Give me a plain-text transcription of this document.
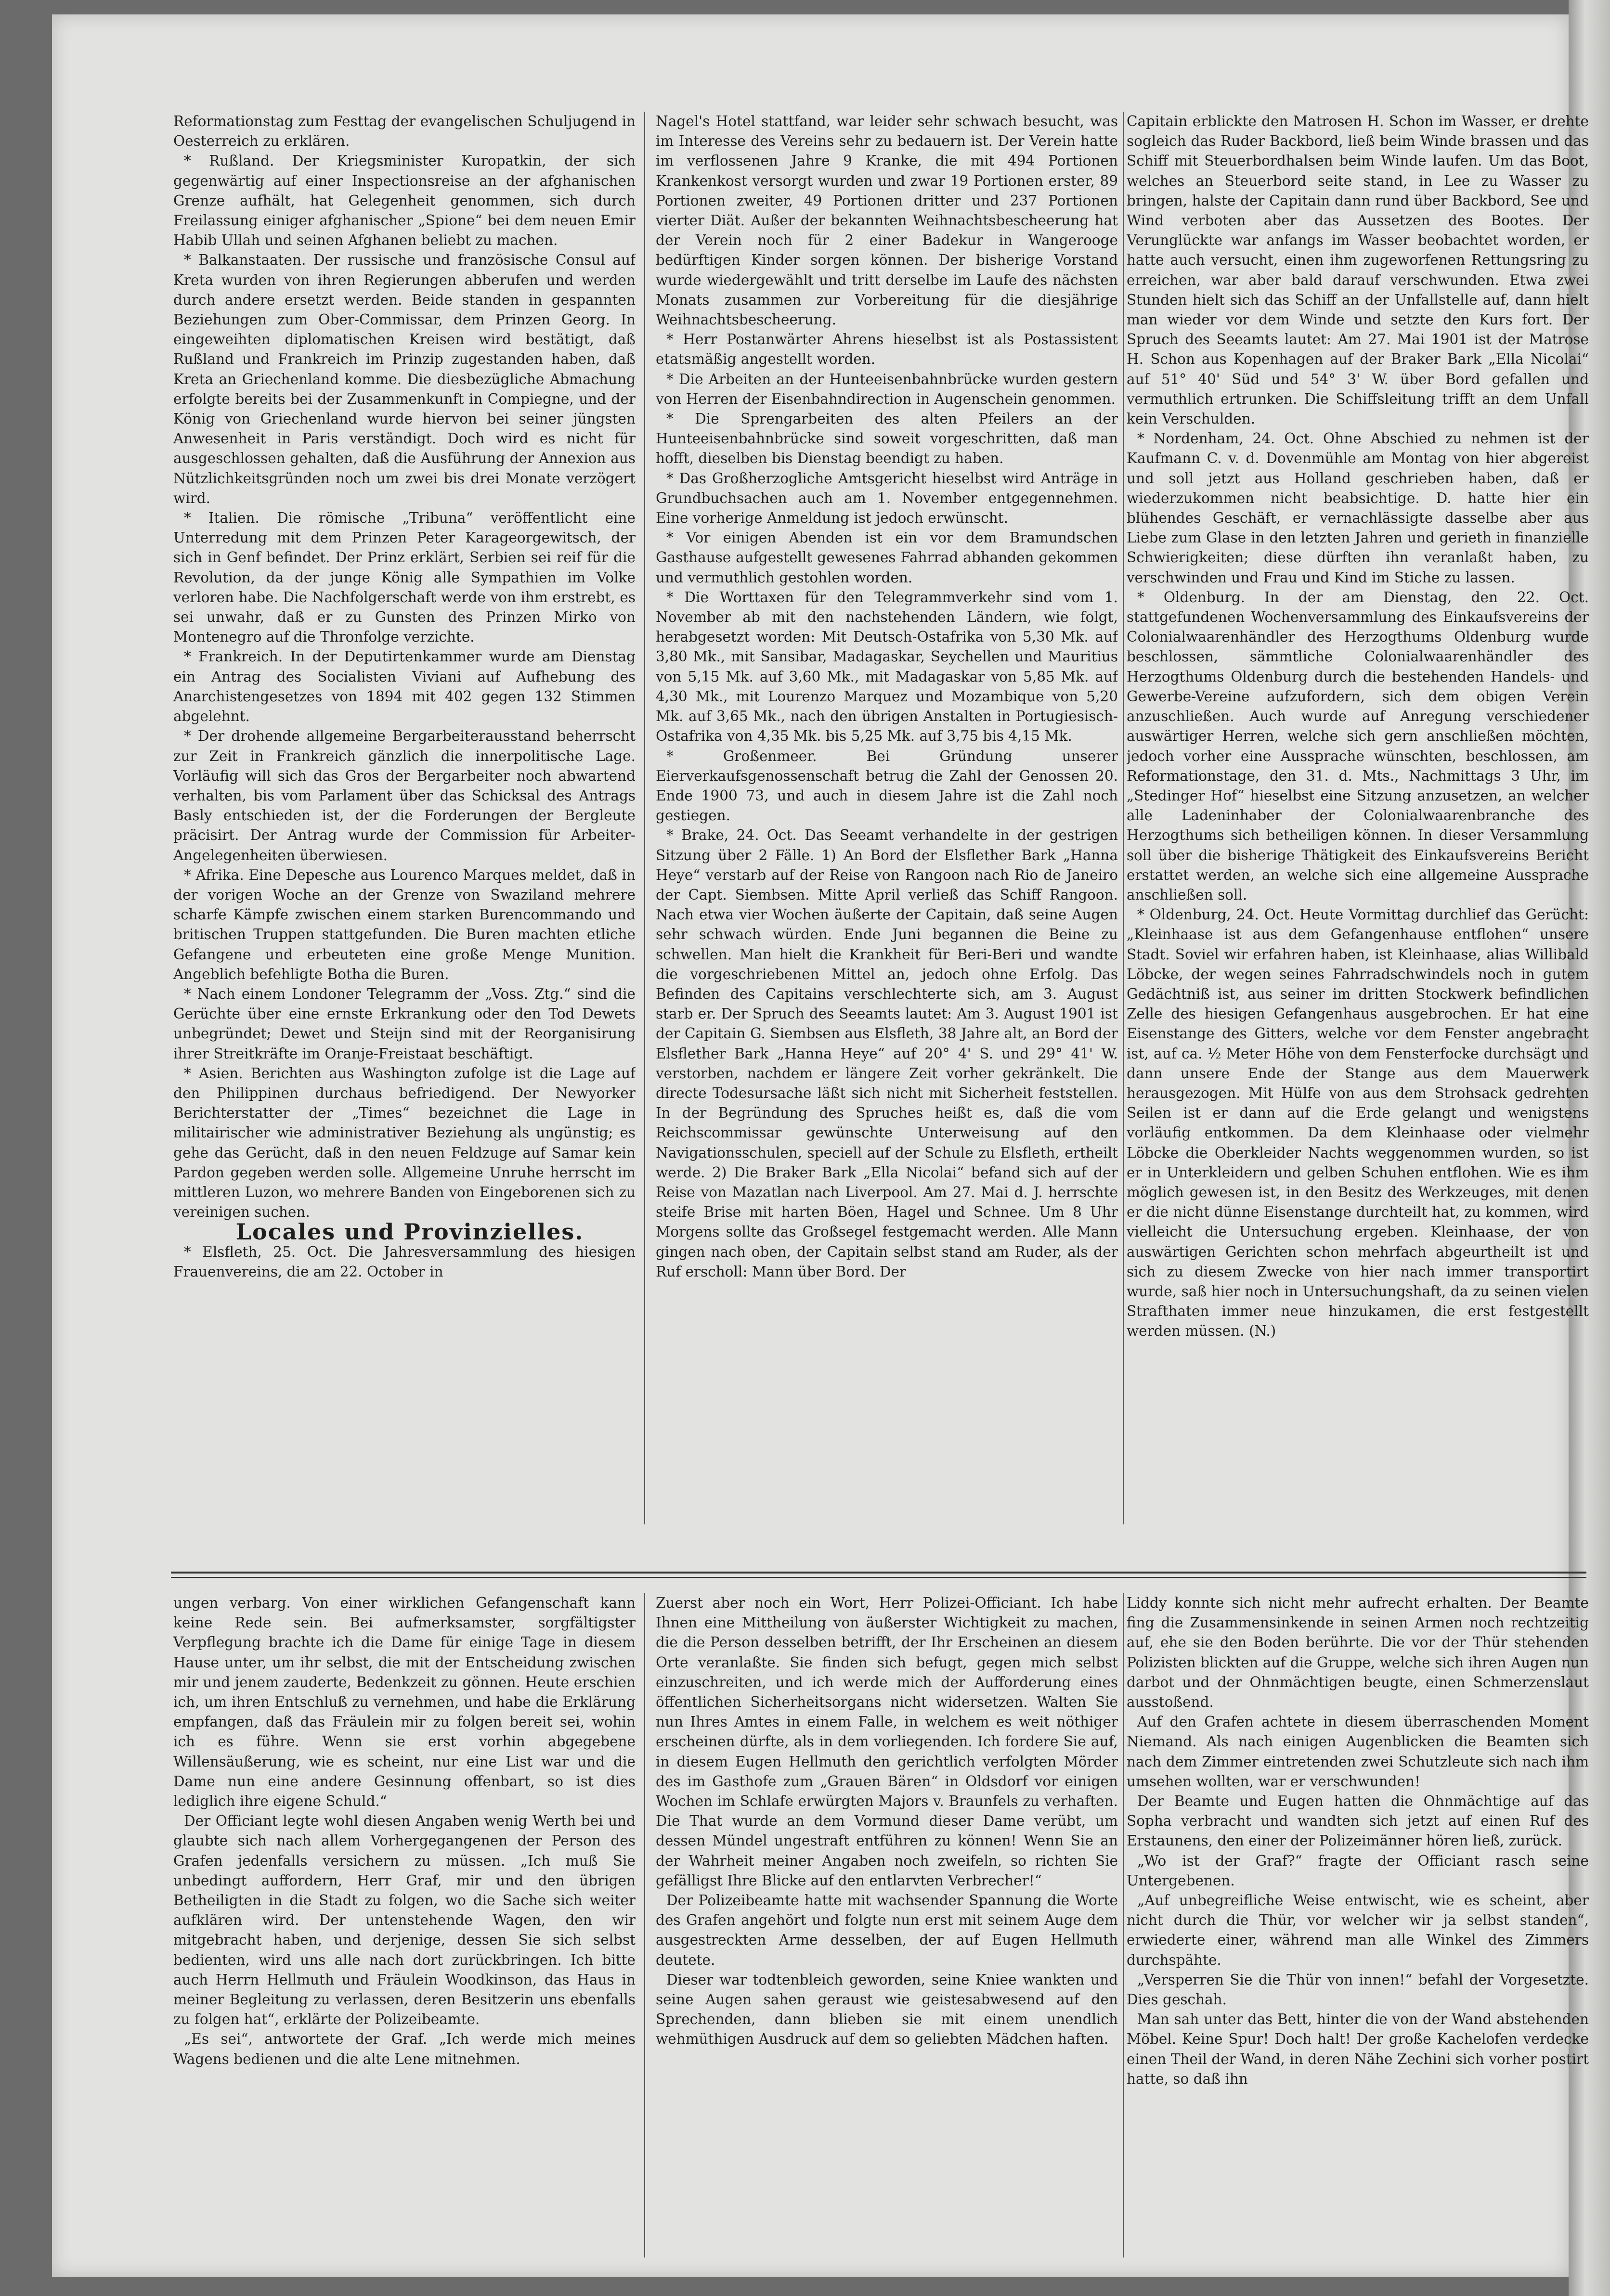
Reformationstag zum Festtag der evangelischen Schuljugend in Oesterreich zu erklären.

* Rußland. Der Kriegsminister Kuropatkin, der sich gegenwärtig auf einer Inspectionsreise an der afghanischen Grenze aufhält, hat Gelegenheit genommen, sich durch Freilassung einiger afghanischer „Spione“ bei dem neuen Emir Habib Ullah und seinen Afghanen beliebt zu machen.

* Balkanstaaten. Der russische und französische Consul auf Kreta wurden von ihren Regierungen abberufen und werden durch andere ersetzt werden. Beide standen in gespannten Beziehungen zum Ober-Commissar, dem Prinzen Georg. In eingeweihten diplomatischen Kreisen wird bestätigt, daß Rußland und Frankreich im Prinzip zugestanden haben, daß Kreta an Griechenland komme. Die diesbezügliche Abmachung erfolgte bereits bei der Zusammenkunft in Compiegne, und der König von Griechenland wurde hiervon bei seiner jüngsten Anwesenheit in Paris verständigt. Doch wird es nicht für ausgeschlossen gehalten, daß die Ausführung der Annexion aus Nützlichkeitsgründen noch um zwei bis drei Monate verzögert wird.

* Italien. Die römische „Tribuna“ veröffentlicht eine Unterredung mit dem Prinzen Peter Karageorgewitsch, der sich in Genf befindet. Der Prinz erklärt, Serbien sei reif für die Revolution, da der junge König alle Sympathien im Volke verloren habe. Die Nachfolgerschaft werde von ihm erstrebt, es sei unwahr, daß er zu Gunsten des Prinzen Mirko von Montenegro auf die Thronfolge verzichte.

* Frankreich. In der Deputirtenkammer wurde am Dienstag ein Antrag des Socialisten Viviani auf Aufhebung des Anarchistengesetzes von 1894 mit 402 gegen 132 Stimmen abgelehnt.

* Der drohende allgemeine Bergarbeiterausstand beherrscht zur Zeit in Frankreich gänzlich die innerpolitische Lage. Vorläufig will sich das Gros der Bergarbeiter noch abwartend verhalten, bis vom Parlament über das Schicksal des Antrags Basly entschieden ist, der die Forderungen der Bergleute präcisirt. Der Antrag wurde der Commission für Arbeiter-Angelegenheiten überwiesen.

* Afrika. Eine Depesche aus Lourenco Marques meldet, daß in der vorigen Woche an der Grenze von Swaziland mehrere scharfe Kämpfe zwischen einem starken Burencommando und britischen Truppen stattgefunden. Die Buren machten etliche Gefangene und erbeuteten eine große Menge Munition. Angeblich befehligte Botha die Buren.

* Nach einem Londoner Telegramm der „Voss. Ztg.“ sind die Gerüchte über eine ernste Erkrankung oder den Tod Dewets unbegründet; Dewet und Steijn sind mit der Reorganisirung ihrer Streitkräfte im Oranje-Freistaat beschäftigt.

* Asien. Berichten aus Washington zufolge ist die Lage auf den Philippinen durchaus befriedigend. Der Newyorker Berichterstatter der „Times“ bezeichnet die Lage in militairischer wie administrativer Beziehung als ungünstig; es gehe das Gerücht, daß in den neuen Feldzuge auf Samar kein Pardon gegeben werden solle. Allgemeine Unruhe herrscht im mittleren Luzon, wo mehrere Banden von Eingeborenen sich zu vereinigen suchen.

Locales und Provinzielles.

* Elsfleth, 25. Oct. Die Jahresversammlung des hiesigen Frauenvereins, die am 22. October in

Nagel's Hotel stattfand, war leider sehr schwach besucht, was im Interesse des Vereins sehr zu bedauern ist. Der Verein hatte im verflossenen Jahre 9 Kranke, die mit 494 Portionen Krankenkost versorgt wurden und zwar 19 Portionen erster, 89 Portionen zweiter, 49 Portionen dritter und 237 Portionen vierter Diät. Außer der bekannten Weihnachtsbescheerung hat der Verein noch für 2 einer Badekur in Wangerooge bedürftigen Kinder sorgen können. Der bisherige Vorstand wurde wiedergewählt und tritt derselbe im Laufe des nächsten Monats zusammen zur Vorbereitung für die diesjährige Weihnachtsbescheerung.

* Herr Postanwärter Ahrens hieselbst ist als Postassistent etatsmäßig angestellt worden.

* Die Arbeiten an der Hunteeisenbahnbrücke wurden gestern von Herren der Eisenbahndirection in Augenschein genommen.

* Die Sprengarbeiten des alten Pfeilers an der Hunteeisenbahnbrücke sind soweit vorgeschritten, daß man hofft, dieselben bis Dienstag beendigt zu haben.

* Das Großherzogliche Amtsgericht hieselbst wird Anträge in Grundbuchsachen auch am 1. November entgegennehmen. Eine vorherige Anmeldung ist jedoch erwünscht.

* Vor einigen Abenden ist ein vor dem Bramundschen Gasthause aufgestellt gewesenes Fahrrad abhanden gekommen und vermuthlich gestohlen worden.

* Die Worttaxen für den Telegrammverkehr sind vom 1. November ab mit den nachstehenden Ländern, wie folgt, herabgesetzt worden: Mit Deutsch-Ostafrika von 5,30 Mk. auf 3,80 Mk., mit Sansibar, Madagaskar, Seychellen und Mauritius von 5,15 Mk. auf 3,60 Mk., mit Madagaskar von 5,85 Mk. auf 4,30 Mk., mit Lourenzo Marquez und Mozambique von 5,20 Mk. auf 3,65 Mk., nach den übrigen Anstalten in Portugiesisch-Ostafrika von 4,35 Mk. bis 5,25 Mk. auf 3,75 bis 4,15 Mk.

* Großenmeer. Bei Gründung unserer Eierverkaufsgenossenschaft betrug die Zahl der Genossen 20. Ende 1900 73, und auch in diesem Jahre ist die Zahl noch gestiegen.

* Brake, 24. Oct. Das Seeamt verhandelte in der gestrigen Sitzung über 2 Fälle. 1) An Bord der Elsflether Bark „Hanna Heye“ verstarb auf der Reise von Rangoon nach Rio de Janeiro der Capt. Siembsen. Mitte April verließ das Schiff Rangoon. Nach etwa vier Wochen äußerte der Capitain, daß seine Augen sehr schwach würden. Ende Juni begannen die Beine zu schwellen. Man hielt die Krankheit für Beri-Beri und wandte die vorgeschriebenen Mittel an, jedoch ohne Erfolg. Das Befinden des Capitains verschlechterte sich, am 3. August starb er. Der Spruch des Seeamts lautet: Am 3. August 1901 ist der Capitain G. Siembsen aus Elsfleth, 38 Jahre alt, an Bord der Elsflether Bark „Hanna Heye“ auf 20° 4' S. und 29° 41' W. verstorben, nachdem er längere Zeit vorher gekränkelt. Die directe Todesursache läßt sich nicht mit Sicherheit feststellen. In der Begründung des Spruches heißt es, daß die vom Reichscommissar gewünschte Unterweisung auf den Navigationsschulen, speciell auf der Schule zu Elsfleth, ertheilt werde. 2) Die Braker Bark „Ella Nicolai“ befand sich auf der Reise von Mazatlan nach Liverpool. Am 27. Mai d. J. herrschte steife Brise mit harten Böen, Hagel und Schnee. Um 8 Uhr Morgens sollte das Großsegel festgemacht werden. Alle Mann gingen nach oben, der Capitain selbst stand am Ruder, als der Ruf erscholl: Mann über Bord. Der

Capitain erblickte den Matrosen H. Schon im Wasser, er drehte sogleich das Ruder Backbord, ließ beim Winde brassen und das Schiff mit Steuerbordhalsen beim Winde laufen. Um das Boot, welches an Steuerbord seite stand, in Lee zu Wasser zu bringen, halste der Capitain dann rund über Backbord, See und Wind verboten aber das Aussetzen des Bootes. Der Verunglückte war anfangs im Wasser beobachtet worden, er hatte auch versucht, einen ihm zugeworfenen Rettungsring zu erreichen, war aber bald darauf verschwunden. Etwa zwei Stunden hielt sich das Schiff an der Unfallstelle auf, dann hielt man wieder vor dem Winde und setzte den Kurs fort. Der Spruch des Seeamts lautet: Am 27. Mai 1901 ist der Matrose H. Schon aus Kopenhagen auf der Braker Bark „Ella Nicolai“ auf 51° 40' Süd und 54° 3' W. über Bord gefallen und vermuthlich ertrunken. Die Schiffsleitung trifft an dem Unfall kein Verschulden.

* Nordenham, 24. Oct. Ohne Abschied zu nehmen ist der Kaufmann C. v. d. Dovenmühle am Montag von hier abgereist und soll jetzt aus Holland geschrieben haben, daß er wiederzukommen nicht beabsichtige. D. hatte hier ein blühendes Geschäft, er vernachlässigte dasselbe aber aus Liebe zum Glase in den letzten Jahren und gerieth in finanzielle Schwierigkeiten; diese dürften ihn veranlaßt haben, zu verschwinden und Frau und Kind im Stiche zu lassen.

* Oldenburg. In der am Dienstag, den 22. Oct. stattgefundenen Wochenversammlung des Einkaufsvereins der Colonialwaarenhändler des Herzogthums Oldenburg wurde beschlossen, sämmtliche Colonialwaarenhändler des Herzogthums Oldenburg durch die bestehenden Handels- und Gewerbe-Vereine aufzufordern, sich dem obigen Verein anzuschließen. Auch wurde auf Anregung verschiedener auswärtiger Herren, welche sich gern anschließen möchten, jedoch vorher eine Aussprache wünschten, beschlossen, am Reformationstage, den 31. d. Mts., Nachmittags 3 Uhr, im „Stedinger Hof“ hieselbst eine Sitzung anzusetzen, an welcher alle Ladeninhaber der Colonialwaarenbranche des Herzogthums sich betheiligen können. In dieser Versammlung soll über die bisherige Thätigkeit des Einkaufsvereins Bericht erstattet werden, an welche sich eine allgemeine Aussprache anschließen soll.

* Oldenburg, 24. Oct. Heute Vormittag durchlief das Gerücht: „Kleinhaase ist aus dem Gefangenhause entflohen“ unsere Stadt. Soviel wir erfahren haben, ist Kleinhaase, alias Willibald Löbcke, der wegen seines Fahrradschwindels noch in gutem Gedächtniß ist, aus seiner im dritten Stockwerk befindlichen Zelle des hiesigen Gefangenhaus ausgebrochen. Er hat eine Eisenstange des Gitters, welche vor dem Fenster angebracht ist, auf ca. ½ Meter Höhe von dem Fensterfocke durchsägt und dann unsere Ende der Stange aus dem Mauerwerk herausgezogen. Mit Hülfe von aus dem Strohsack gedrehten Seilen ist er dann auf die Erde gelangt und wenigstens vorläufig entkommen. Da dem Kleinhaase oder vielmehr Löbcke die Oberkleider Nachts weggenommen wurden, so ist er in Unterkleidern und gelben Schuhen entflohen. Wie es ihm möglich gewesen ist, in den Besitz des Werkzeuges, mit denen er die nicht dünne Eisenstange durchteilt hat, zu kommen, wird vielleicht die Untersuchung ergeben. Kleinhaase, der von auswärtigen Gerichten schon mehrfach abgeurtheilt ist und sich zu diesem Zwecke von hier nach immer transportirt wurde, saß hier noch in Untersuchungshaft, da zu seinen vielen Strafthaten immer neue hinzukamen, die erst festgestellt werden müssen. (N.)

ungen verbarg. Von einer wirklichen Gefangenschaft kann keine Rede sein. Bei aufmerksamster, sorgfältigster Verpflegung brachte ich die Dame für einige Tage in diesem Hause unter, um ihr selbst, die mit der Entscheidung zwischen mir und jenem zauderte, Bedenkzeit zu gönnen. Heute erschien ich, um ihren Entschluß zu vernehmen, und habe die Erklärung empfangen, daß das Fräulein mir zu folgen bereit sei, wohin ich es führe. Wenn sie erst vorhin abgegebene Willensäußerung, wie es scheint, nur eine List war und die Dame nun eine andere Gesinnung offenbart, so ist dies lediglich ihre eigene Schuld.“

Der Officiant legte wohl diesen Angaben wenig Werth bei und glaubte sich nach allem Vorhergegangenen der Person des Grafen jedenfalls versichern zu müssen. „Ich muß Sie unbedingt auffordern, Herr Graf, mir und den übrigen Betheiligten in die Stadt zu folgen, wo die Sache sich weiter aufklären wird. Der untenstehende Wagen, den wir mitgebracht haben, und derjenige, dessen Sie sich selbst bedienten, wird uns alle nach dort zurückbringen. Ich bitte auch Herrn Hellmuth und Fräulein Woodkinson, das Haus in meiner Begleitung zu verlassen, deren Besitzerin uns ebenfalls zu folgen hat“, erklärte der Polizeibeamte.

„Es sei“, antwortete der Graf. „Ich werde mich meines Wagens bedienen und die alte Lene mitnehmen.

Zuerst aber noch ein Wort, Herr Polizei-Officiant. Ich habe Ihnen eine Mittheilung von äußerster Wichtigkeit zu machen, die die Person desselben betrifft, der Ihr Erscheinen an diesem Orte veranlaßte. Sie finden sich befugt, gegen mich selbst einzuschreiten, und ich werde mich der Aufforderung eines öffentlichen Sicherheitsorgans nicht widersetzen. Walten Sie nun Ihres Amtes in einem Falle, in welchem es weit nöthiger erscheinen dürfte, als in dem vorliegenden. Ich fordere Sie auf, in diesem Eugen Hellmuth den gerichtlich verfolgten Mörder des im Gasthofe zum „Grauen Bären“ in Oldsdorf vor einigen Wochen im Schlafe erwürgten Majors v. Braunfels zu verhaften. Die That wurde an dem Vormund dieser Dame verübt, um dessen Mündel ungestraft entführen zu können! Wenn Sie an der Wahrheit meiner Angaben noch zweifeln, so richten Sie gefälligst Ihre Blicke auf den entlarvten Verbrecher!“

Der Polizeibeamte hatte mit wachsender Spannung die Worte des Grafen angehört und folgte nun erst mit seinem Auge dem ausgestreckten Arme desselben, der auf Eugen Hellmuth deutete.

Dieser war todtenbleich geworden, seine Kniee wankten und seine Augen sahen geraust wie geistesabwesend auf den Sprechenden, dann blieben sie mit einem unendlich wehmüthigen Ausdruck auf dem so geliebten Mädchen haften.

Liddy konnte sich nicht mehr aufrecht erhalten. Der Beamte fing die Zusammensinkende in seinen Armen noch rechtzeitig auf, ehe sie den Boden berührte. Die vor der Thür stehenden Polizisten blickten auf die Gruppe, welche sich ihren Augen nun darbot und der Ohnmächtigen beugte, einen Schmerzenslaut ausstoßend.

Auf den Grafen achtete in diesem überraschenden Moment Niemand. Als nach einigen Augenblicken die Beamten sich nach dem Zimmer eintretenden zwei Schutzleute sich nach ihm umsehen wollten, war er verschwunden!

Der Beamte und Eugen hatten die Ohnmächtige auf das Sopha verbracht und wandten sich jetzt auf einen Ruf des Erstaunens, den einer der Polizeimänner hören ließ, zurück.

„Wo ist der Graf?“ fragte der Officiant rasch seine Untergebenen.

„Auf unbegreifliche Weise entwischt, wie es scheint, aber nicht durch die Thür, vor welcher wir ja selbst standen“, erwiederte einer, während man alle Winkel des Zimmers durchspähte.

„Versperren Sie die Thür von innen!“ befahl der Vorgesetzte. Dies geschah.

Man sah unter das Bett, hinter die von der Wand abstehenden Möbel. Keine Spur! Doch halt! Der große Kachelofen verdecke einen Theil der Wand, in deren Nähe Zechini sich vorher postirt hatte, so daß ihn
